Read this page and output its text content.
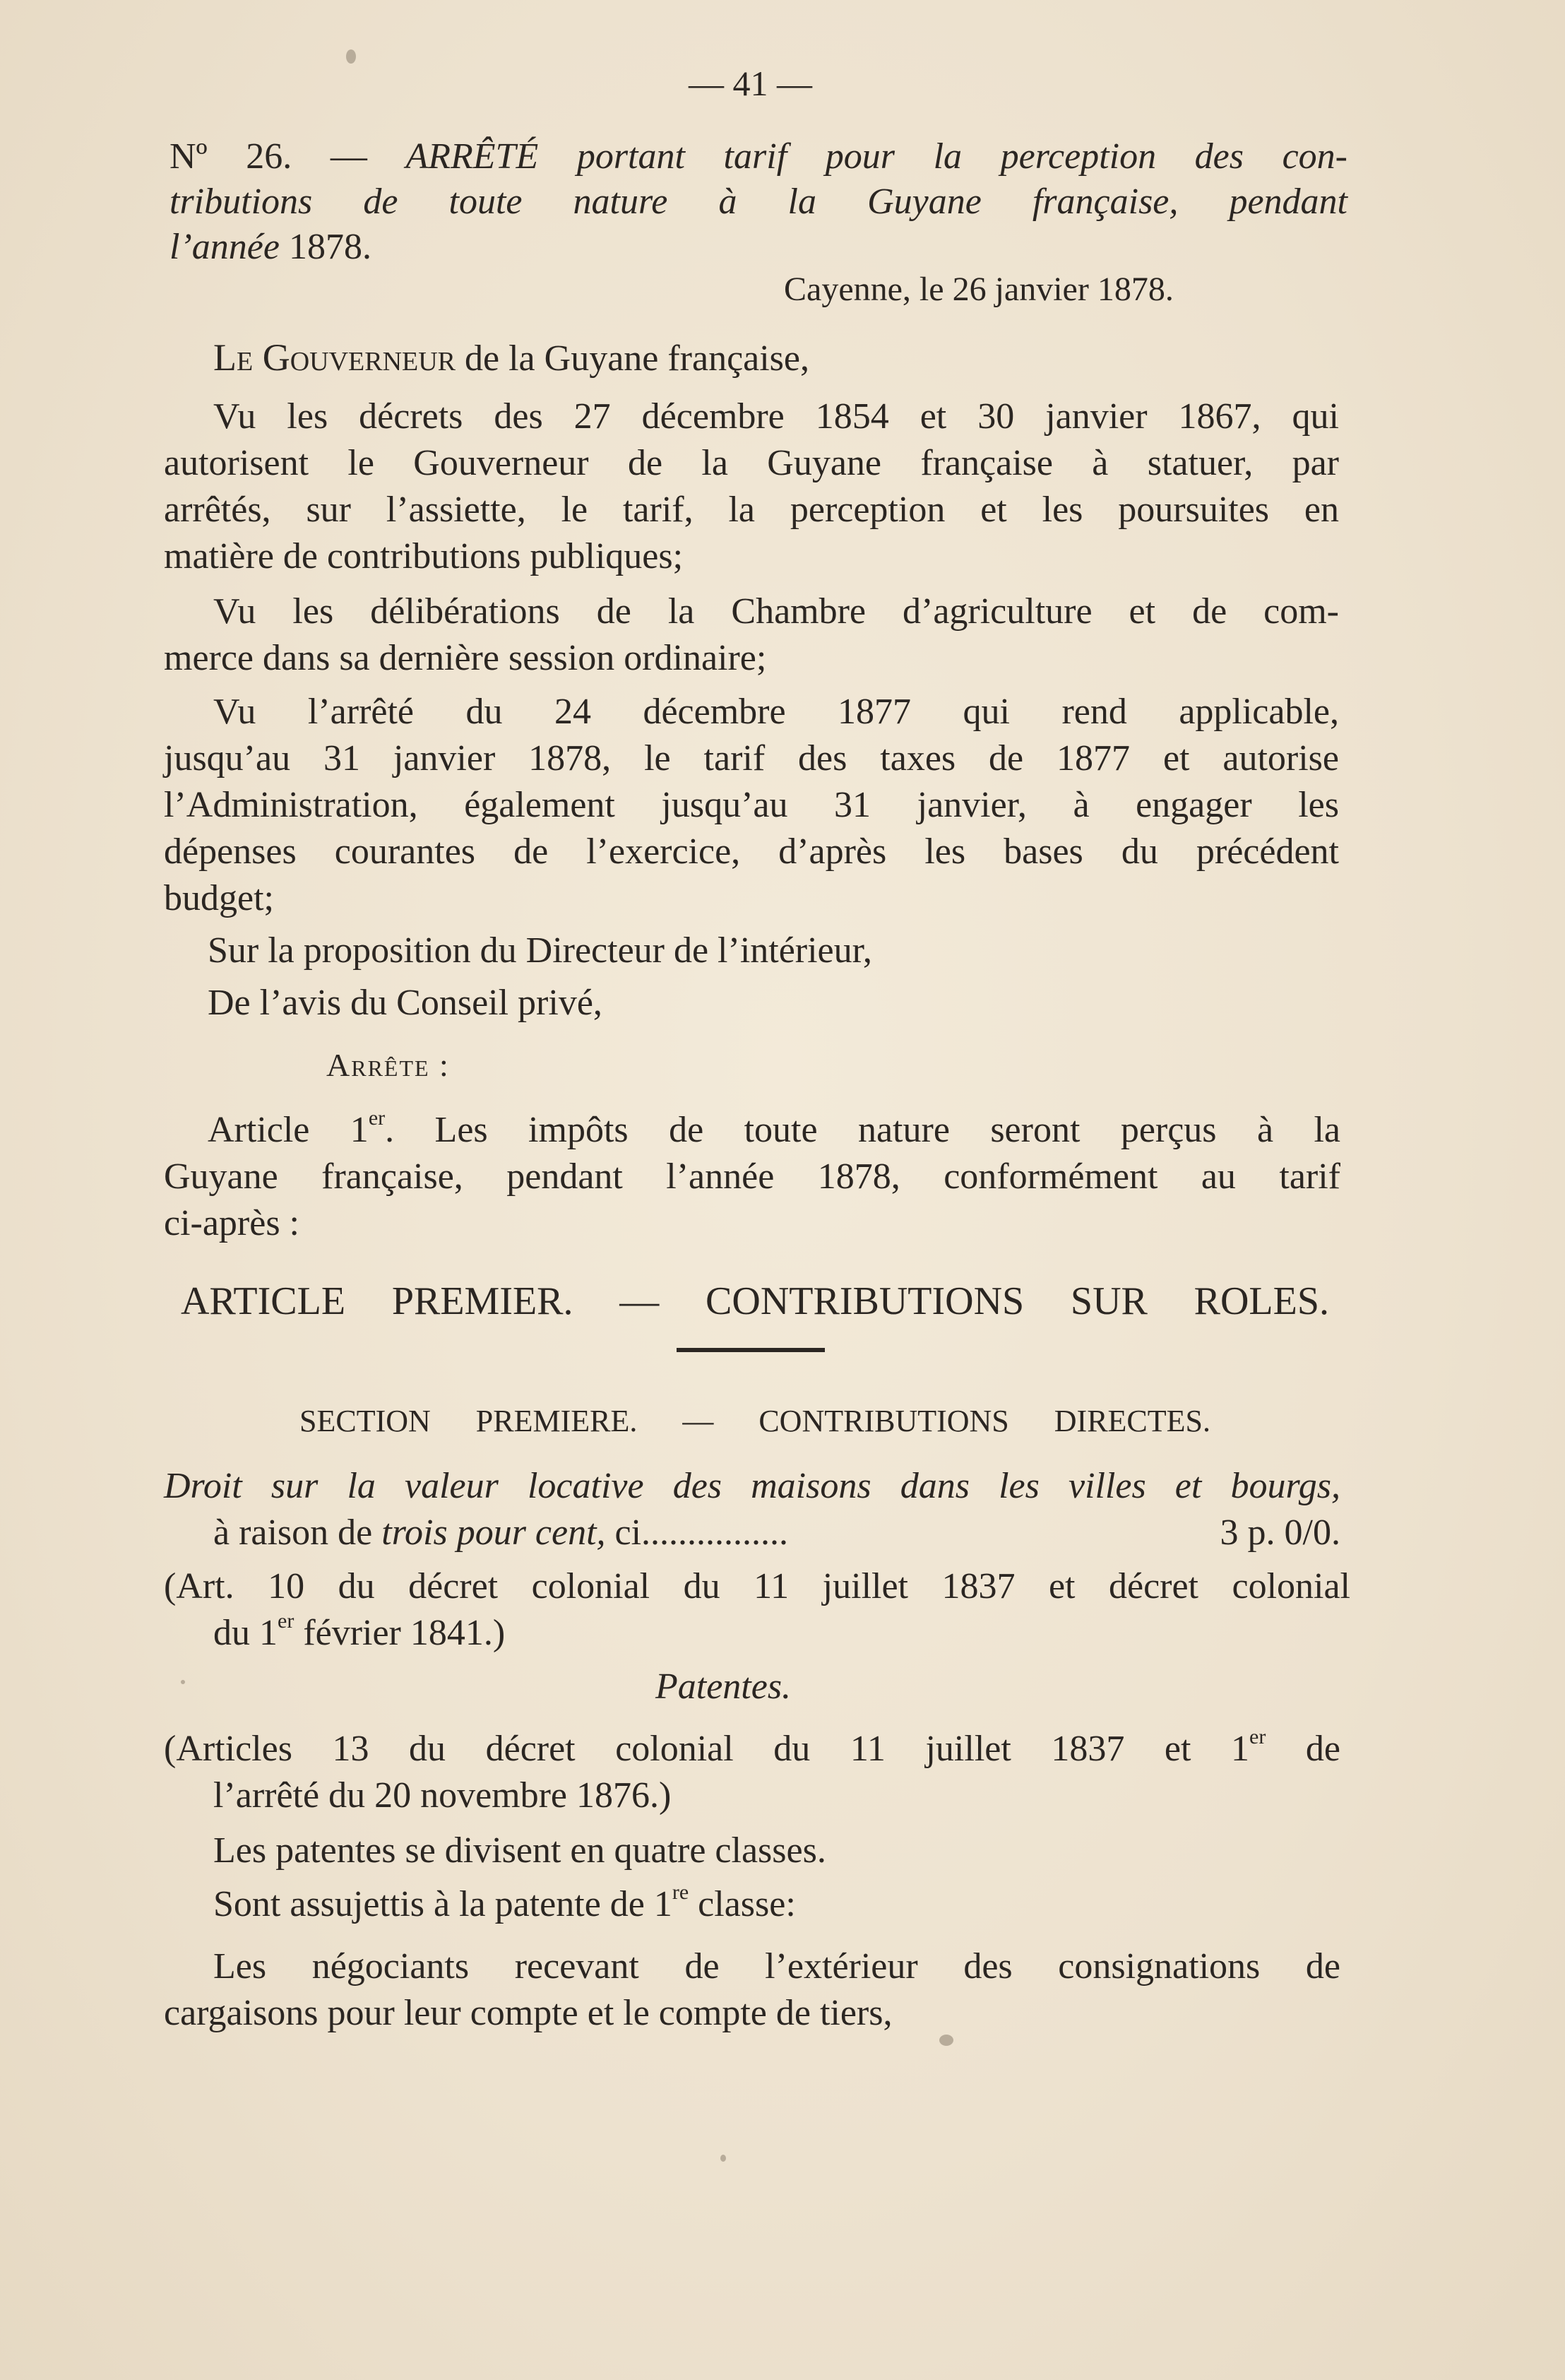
— 41 —
Nº 26. — ARRÊTÉ portant tarif pour la perception des con-
tributions de toute nature à la Guyane française, pendant
l’année 1878.
Cayenne, le 26 janvier 1878.
Le Gouverneur de la Guyane française,
Vu les décrets des 27 décembre 1854 et 30 janvier 1867, qui
autorisent le Gouverneur de la Guyane française à statuer, par
arrêtés, sur l’assiette, le tarif, la perception et les poursuites en
matière de contributions publiques;
Vu les délibérations de la Chambre d’agriculture et de com-
merce dans sa dernière session ordinaire;
Vu l’arrêté du 24 décembre 1877 qui rend applicable,
jusqu’au 31 janvier 1878, le tarif des taxes de 1877 et autorise
l’Administration, également jusqu’au 31 janvier, à engager les
dépenses courantes de l’exercice, d’après les bases du précédent
budget;
Sur la proposition du Directeur de l’intérieur,
De l’avis du Conseil privé,
Arrête :
Article 1er. Les impôts de toute nature seront perçus à la
Guyane française, pendant l’année 1878, conformément au tarif
ci-après :
ARTICLE PREMIER. — CONTRIBUTIONS SUR ROLES.
SECTION PREMIERE. — CONTRIBUTIONS DIRECTES.
Droit sur la valeur locative des maisons dans les villes et bourgs,
à raison de trois pour cent, ci................	3 p. 0/0.
(Art. 10 du décret colonial du 11 juillet 1837 et décret colonial
du 1er février 1841.)
Patentes.
(Articles 13 du décret colonial du 11 juillet 1837 et 1er de
l’arrêté du 20 novembre 1876.)
Les patentes se divisent en quatre classes.
Sont assujettis à la patente de 1re classe:
Les négociants recevant de l’extérieur des consignations de
cargaisons pour leur compte et le compte de tiers,
